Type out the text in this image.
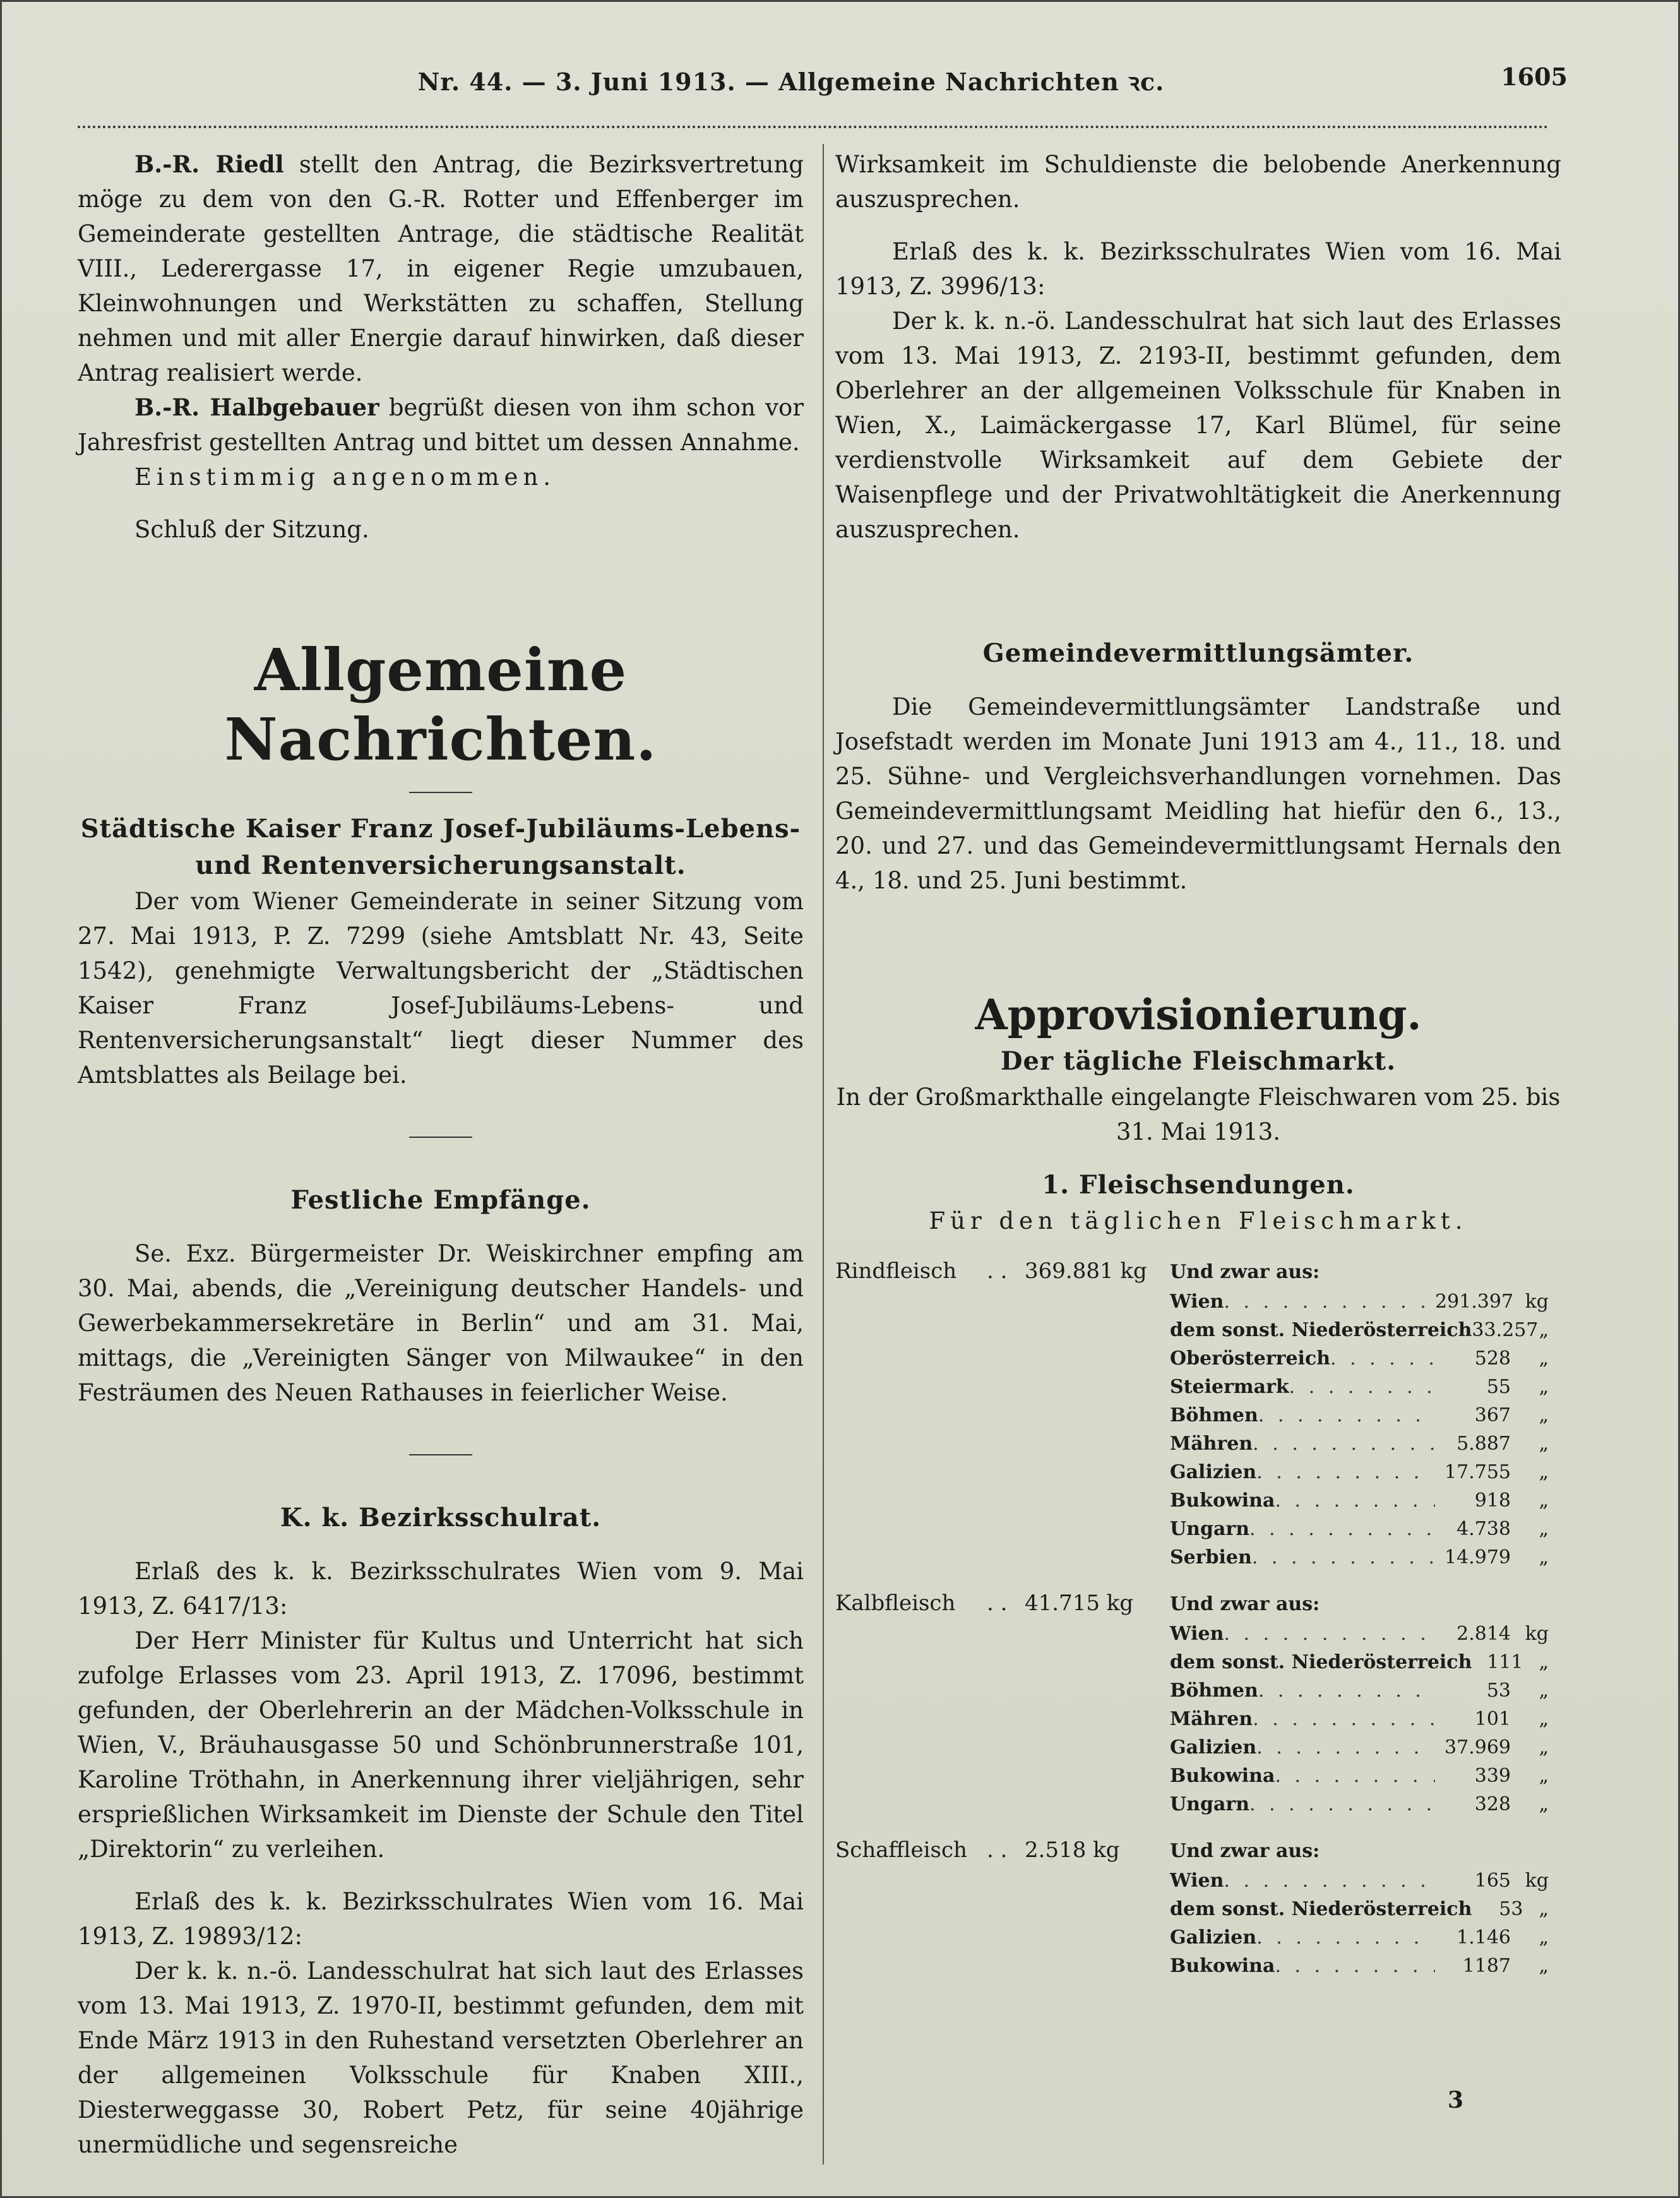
Nr. 44. — 3. Juni 1913. — Allgemeine Nachrichten ꝛc.	1605

B.-R. Riedl stellt den Antrag, die Bezirksvertretung möge zu dem von den G.-R. Rotter und Effenberger im Gemeinderate gestellten Antrage, die städtische Realität VIII., Lederergasse 17, in eigener Regie umzubauen, Kleinwohnungen und Werkstätten zu schaffen, Stellung nehmen und mit aller Energie darauf hinwirken, daß dieser Antrag realisiert werde.

B.-R. Halbgebauer begrüßt diesen von ihm schon vor Jahresfrist gestellten Antrag und bittet um dessen Annahme.

Einstimmig angenommen.

Schluß der Sitzung.

Allgemeine Nachrichten.
Städtische Kaiser Franz Josef-Jubiläums-Lebens- und Rentenversicherungsanstalt.

Der vom Wiener Gemeinderate in seiner Sitzung vom 27. Mai 1913, P. Z. 7299 (siehe Amtsblatt Nr. 43, Seite 1542), genehmigte Verwaltungsbericht der „Städtischen Kaiser Franz Josef-Jubiläums-Lebens- und Rentenversicherungsanstalt“ liegt dieser Nummer des Amtsblattes als Beilage bei.

Festliche Empfänge.

Se. Exz. Bürgermeister Dr. Weiskirchner empfing am 30. Mai, abends, die „Vereinigung deutscher Handels- und Gewerbekammersekretäre in Berlin“ und am 31. Mai, mittags, die „Vereinigten Sänger von Milwaukee“ in den Festräumen des Neuen Rathauses in feierlicher Weise.

K. k. Bezirksschulrat.

Erlaß des k. k. Bezirksschulrates Wien vom 9. Mai 1913, Z. 6417/13:

Der Herr Minister für Kultus und Unterricht hat sich zufolge Erlasses vom 23. April 1913, Z. 17096, bestimmt gefunden, der Oberlehrerin an der Mädchen-Volksschule in Wien, V., Bräuhausgasse 50 und Schönbrunnerstraße 101, Karoline Tröthahn, in Anerkennung ihrer vieljährigen, sehr ersprießlichen Wirksamkeit im Dienste der Schule den Titel „Direktorin“ zu verleihen.

Erlaß des k. k. Bezirksschulrates Wien vom 16. Mai 1913, Z. 19893/12:

Der k. k. n.-ö. Landesschulrat hat sich laut des Erlasses vom 13. Mai 1913, Z. 1970-II, bestimmt gefunden, dem mit Ende März 1913 in den Ruhestand versetzten Oberlehrer an der allgemeinen Volksschule für Knaben XIII., Diesterweggasse 30, Robert Petz, für seine 40jährige unermüdliche und segensreiche

Wirksamkeit im Schuldienste die belobende Anerkennung auszusprechen.

Erlaß des k. k. Bezirksschulrates Wien vom 16. Mai 1913, Z. 3996/13:

Der k. k. n.-ö. Landesschulrat hat sich laut des Erlasses vom 13. Mai 1913, Z. 2193-II, bestimmt gefunden, dem Oberlehrer an der allgemeinen Volksschule für Knaben in Wien, X., Laimäckergasse 17, Karl Blümel, für seine verdienstvolle Wirksamkeit auf dem Gebiete der Waisenpflege und der Privatwohltätigkeit die Anerkennung auszusprechen.

Gemeindevermittlungsämter.

Die Gemeindevermittlungsämter Landstraße und Josefstadt werden im Monate Juni 1913 am 4., 11., 18. und 25. Sühne- und Vergleichsverhandlungen vornehmen. Das Gemeindevermittlungsamt Meidling hat hiefür den 6., 13., 20. und 27. und das Gemeindevermittlungsamt Hernals den 4., 18. und 25. Juni bestimmt.

Approvisionierung.
Der tägliche Fleischmarkt.

In der Großmarkthalle eingelangte Fleischwaren vom 25. bis 31. Mai 1913.

1. Fleischsendungen.

Für den täglichen Fleischmarkt.

Rindfleisch	. . 369.881 kg	Und zwar aus:
Wien . . .	291.397 kg
dem sonst. Niederösterreich 33.257 „
Oberösterreich . . .	528	„
Steiermark . . .	55	„
Böhmen . . .	367	„
Mähren . . .	5.887	„
Galizien . . .	17.755	„
Bukowina . . .	918	„
Ungarn . . .	4.738	„
Serbien . . .	14.979	„
Kalbfleisch	. . 41.715 kg	Und zwar aus:
Wien . . .	2.814 kg
dem sonst. Niederösterreich 111 „
Böhmen . . .	53	„
Mähren . . .	101	„
Galizien . . .	37.969	„
Bukowina . . .	339	„
Ungarn . . .	328	„
Schaffleisch . . 2.518 kg	Und zwar aus:
Wien . . .	165 kg
dem sonst. Niederösterreich	53 „
Galizien . . .	1.146	„
Bukowina . . .	1187	„
3
